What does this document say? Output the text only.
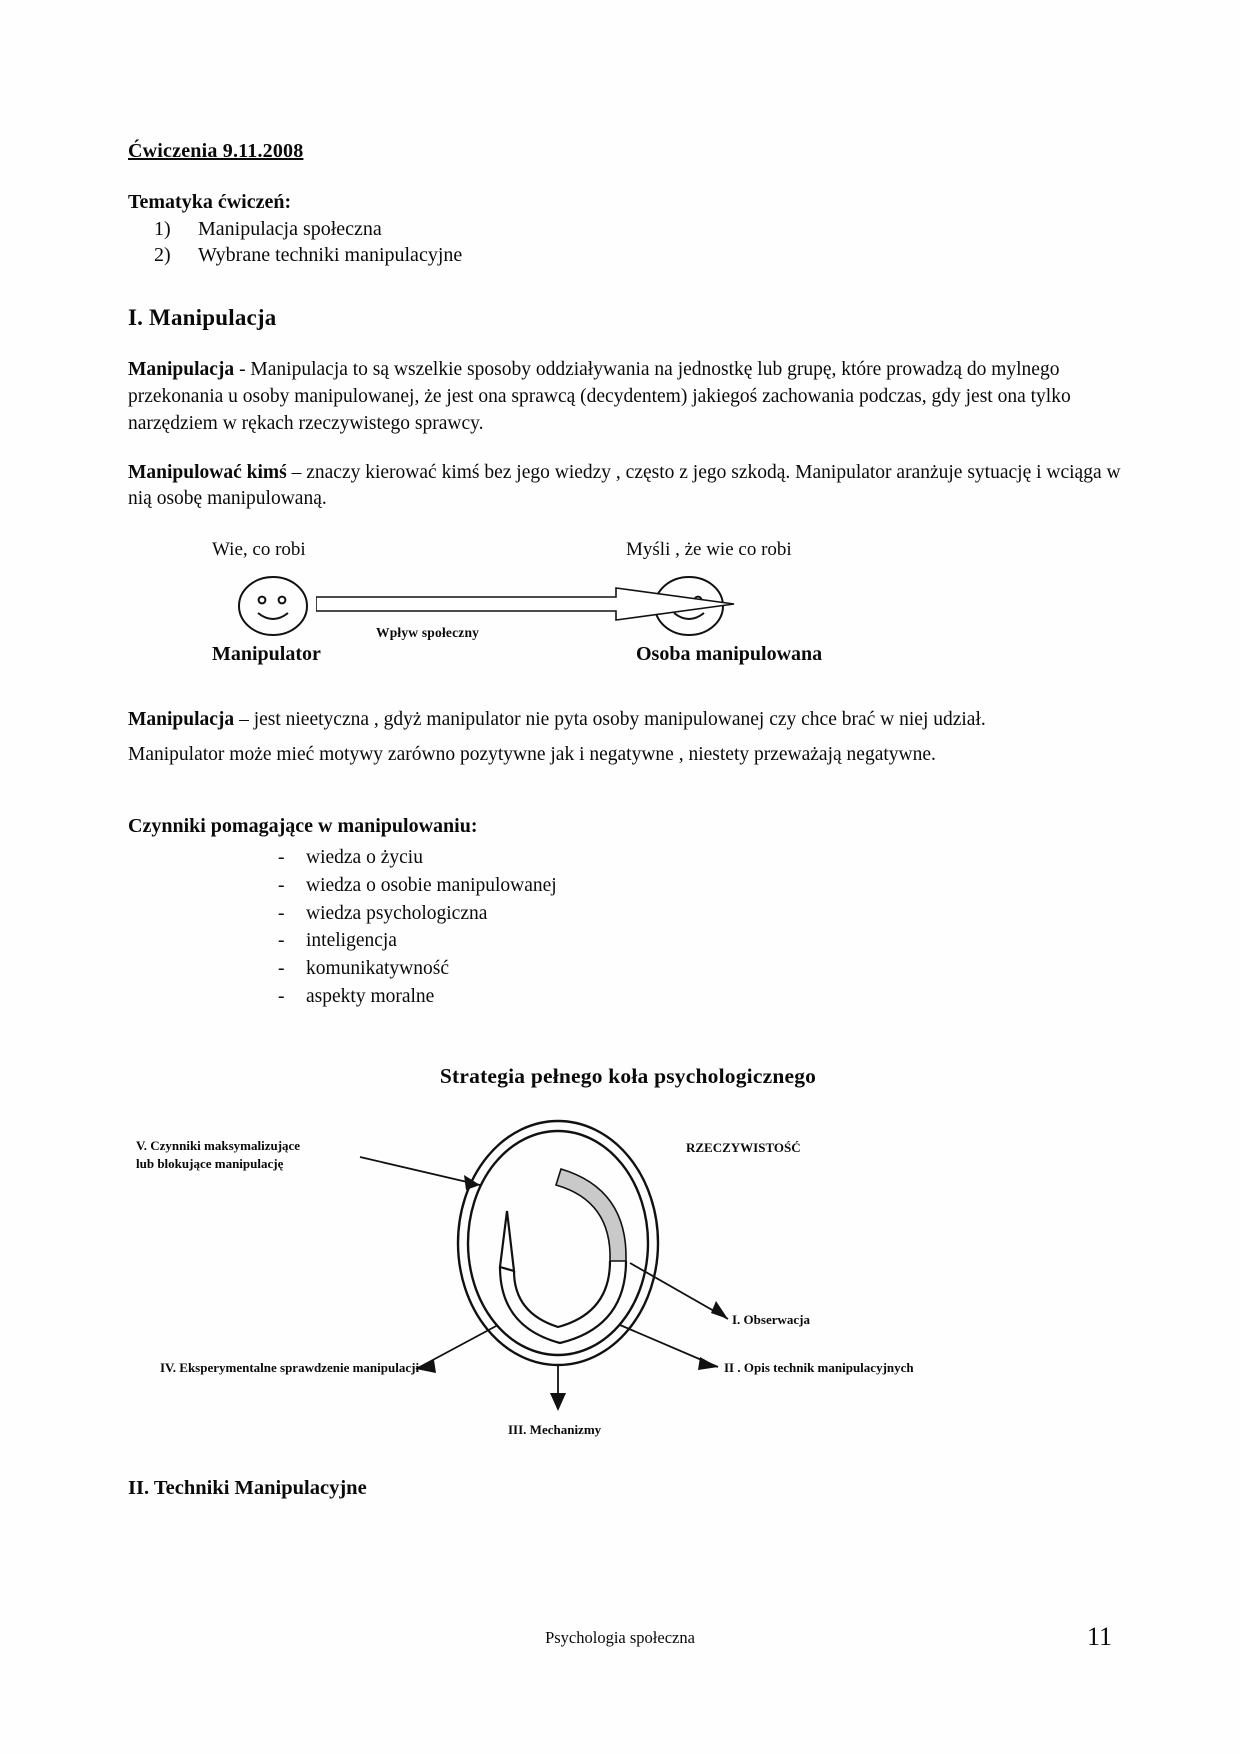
Ćwiczenia 9.11.2008
Tematyka ćwiczeń:
1)	Manipulacja społeczna
2)	Wybrane techniki manipulacyjne
I. Manipulacja

Manipulacja - Manipulacja to są wszelkie sposoby oddziaływania na jednostkę lub grupę, które prowadzą do mylnego przekonania u osoby manipulowanej, że jest ona sprawcą (decydentem) jakiegoś zachowania podczas, gdy jest ona tylko narzędziem w rękach rzeczywistego sprawcy.

Manipulować kimś – znaczy kierować kimś bez jego wiedzy , często z jego szkodą. Manipulator aranżuje sytuację i wciąga w nią osobę manipulowaną.

Wie, co robi	Myśli , że wie co robi
Wpływ społeczny
Manipulator	Osoba manipulowana

Manipulacja – jest nieetyczna , gdyż manipulator nie pyta osoby manipulowanej czy chce brać w niej udział.

Manipulator może mieć motywy zarówno pozytywne jak i negatywne , niestety przeważają negatywne.

Czynniki pomagające w manipulowaniu:
- wiedza o życiu
- wiedza o osobie manipulowanej
- wiedza psychologiczna
- inteligencja
- komunikatywność
- aspekty moralne
Strategia pełnego koła psychologicznego
V. Czynniki maksymalizujące
lub blokujące manipulację
RZECZYWISTOŚĆ
I. Obserwacja
II . Opis technik manipulacyjnych
III. Mechanizmy
IV. Eksperymentalne sprawdzenie manipulacji
II. Techniki Manipulacyjne
Psychologia społeczna	11
